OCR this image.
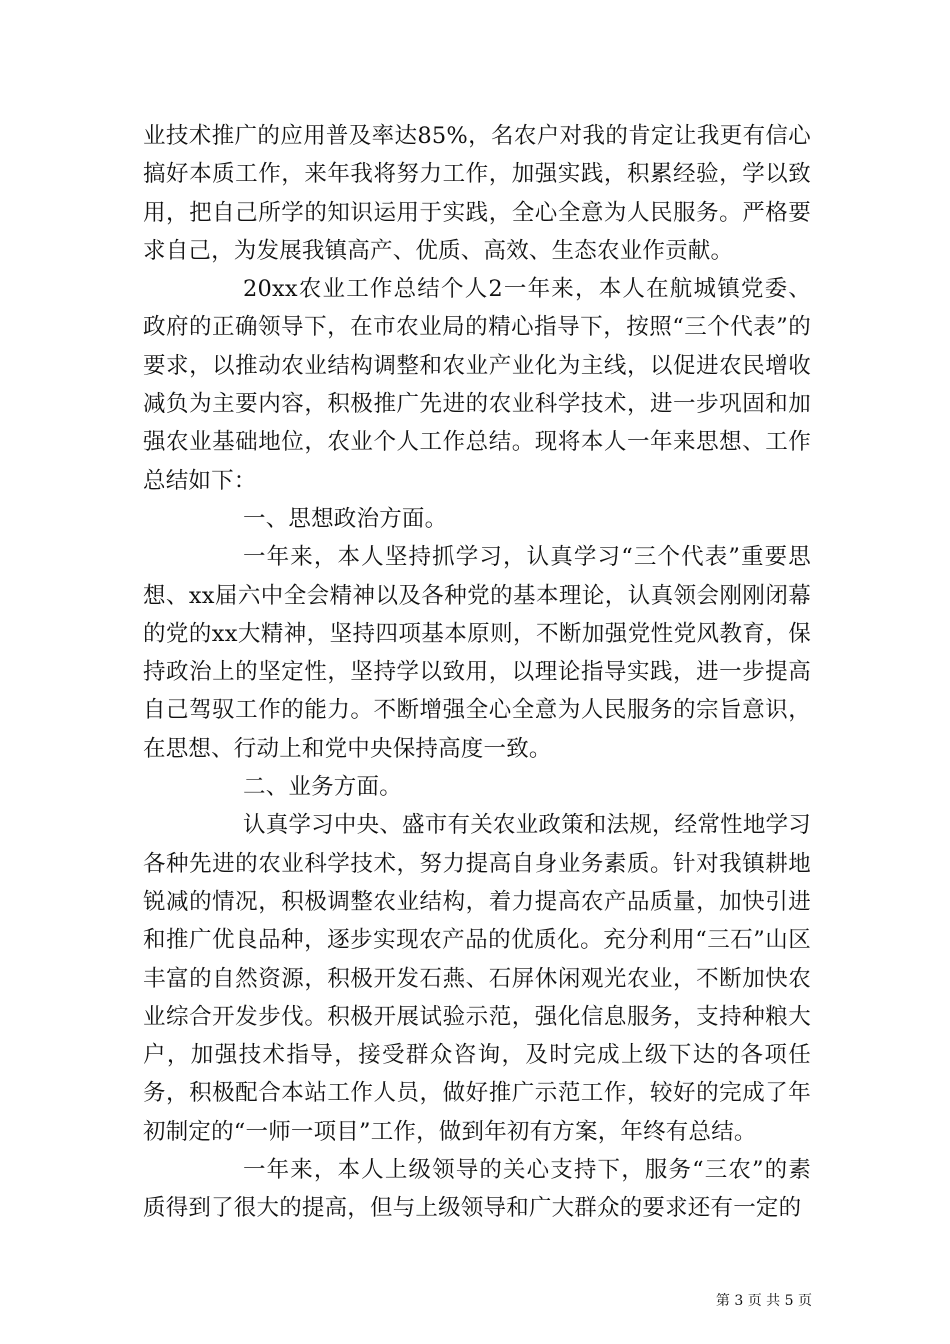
业技术推广的应用普及率达85%，名农户对我的肯定让我更有信心搞好本质工作，来年我将努力工作，加强实践，积累经验，学以致用，把自己所学的知识运用于实践，全心全意为人民服务。严格要求自己，为发展我镇高产、优质、高效、生态农业作贡献。

20xx农业工作总结个人2一年来，本人在航城镇党委、政府的正确领导下，在市农业局的精心指导下，按照“三个代表”的要求，以推动农业结构调整和农业产业化为主线，以促进农民增收减负为主要内容，积极推广先进的农业科学技术，进一步巩固和加强农业基础地位，农业个人工作总结。现将本人一年来思想、工作总结如下：

一、思想政治方面。

一年来，本人坚持抓学习，认真学习“三个代表”重要思想、xx届六中全会精神以及各种党的基本理论，认真领会刚刚闭幕的党的xx大精神，坚持四项基本原则，不断加强党性党风教育，保持政治上的坚定性，坚持学以致用，以理论指导实践，进一步提高自己驾驭工作的能力。不断增强全心全意为人民服务的宗旨意识，在思想、行动上和党中央保持高度一致。

二、业务方面。

认真学习中央、盛市有关农业政策和法规，经常性地学习各种先进的农业科学技术，努力提高自身业务素质。针对我镇耕地锐减的情况，积极调整农业结构，着力提高农产品质量，加快引进和推广优良品种，逐步实现农产品的优质化。充分利用“三石”山区丰富的自然资源，积极开发石燕、石屏休闲观光农业，不断加快农业综合开发步伐。积极开展试验示范，强化信息服务，支持种粮大户，加强技术指导，接受群众咨询，及时完成上级下达的各项任务，积极配合本站工作人员，做好推广示范工作，较好的完成了年初制定的“一师一项目”工作，做到年初有方案，年终有总结。

一年来，本人上级领导的关心支持下，服务“三农”的素质得到了很大的提高，但与上级领导和广大群众的要求还有一定的

第 3 页 共 5 页
